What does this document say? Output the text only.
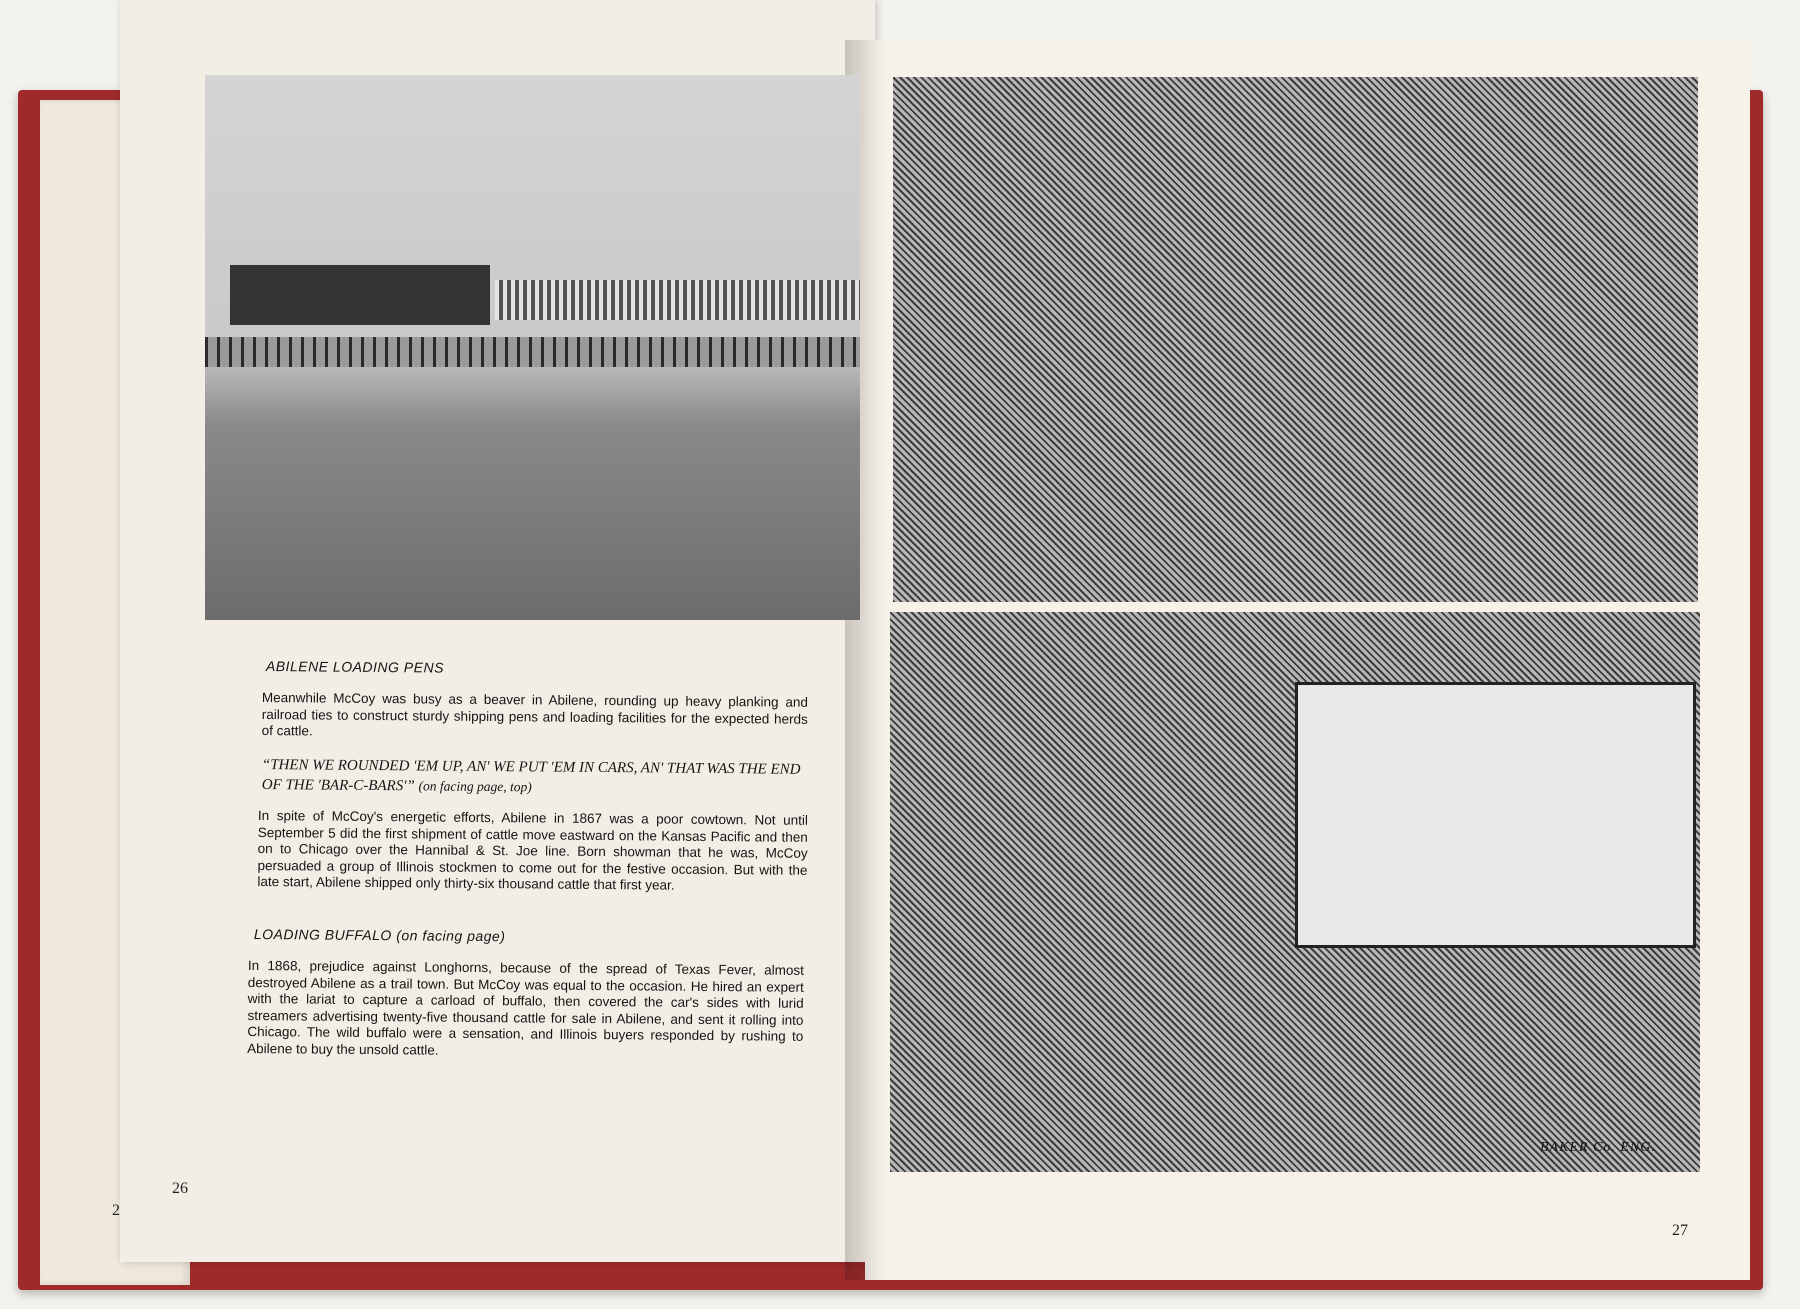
2
ABILENE LOADING PENS
Meanwhile McCoy was busy as a beaver in Abilene, rounding up heavy planking and railroad ties to construct sturdy shipping pens and loading facilities for the expected herds of cattle.
“THEN WE ROUNDED 'EM UP, AN' WE PUT 'EM IN CARS, AN' THAT WAS THE END OF THE 'BAR-C-BARS'” (on facing page, top)
In spite of McCoy's energetic efforts, Abilene in 1867 was a poor cowtown. Not until September 5 did the first shipment of cattle move eastward on the Kansas Pacific and then on to Chicago over the Hannibal & St. Joe line. Born showman that he was, McCoy persuaded a group of Illinois stockmen to come out for the festive occasion. But with the late start, Abilene shipped only thirty-six thousand cattle that first year.
LOADING BUFFALO (on facing page)
In 1868, prejudice against Longhorns, because of the spread of Texas Fever, almost destroyed Abilene as a trail town. But McCoy was equal to the occasion. He hired an expert with the lariat to capture a carload of buffalo, then covered the car's sides with lurid streamers advertising twenty-five thousand cattle for sale in Abilene, and sent it rolling into Chicago. The wild buffalo were a sensation, and Illinois buyers responded by rushing to Abilene to buy the unsold cattle.
26
BAKER Co. ENG.
27
